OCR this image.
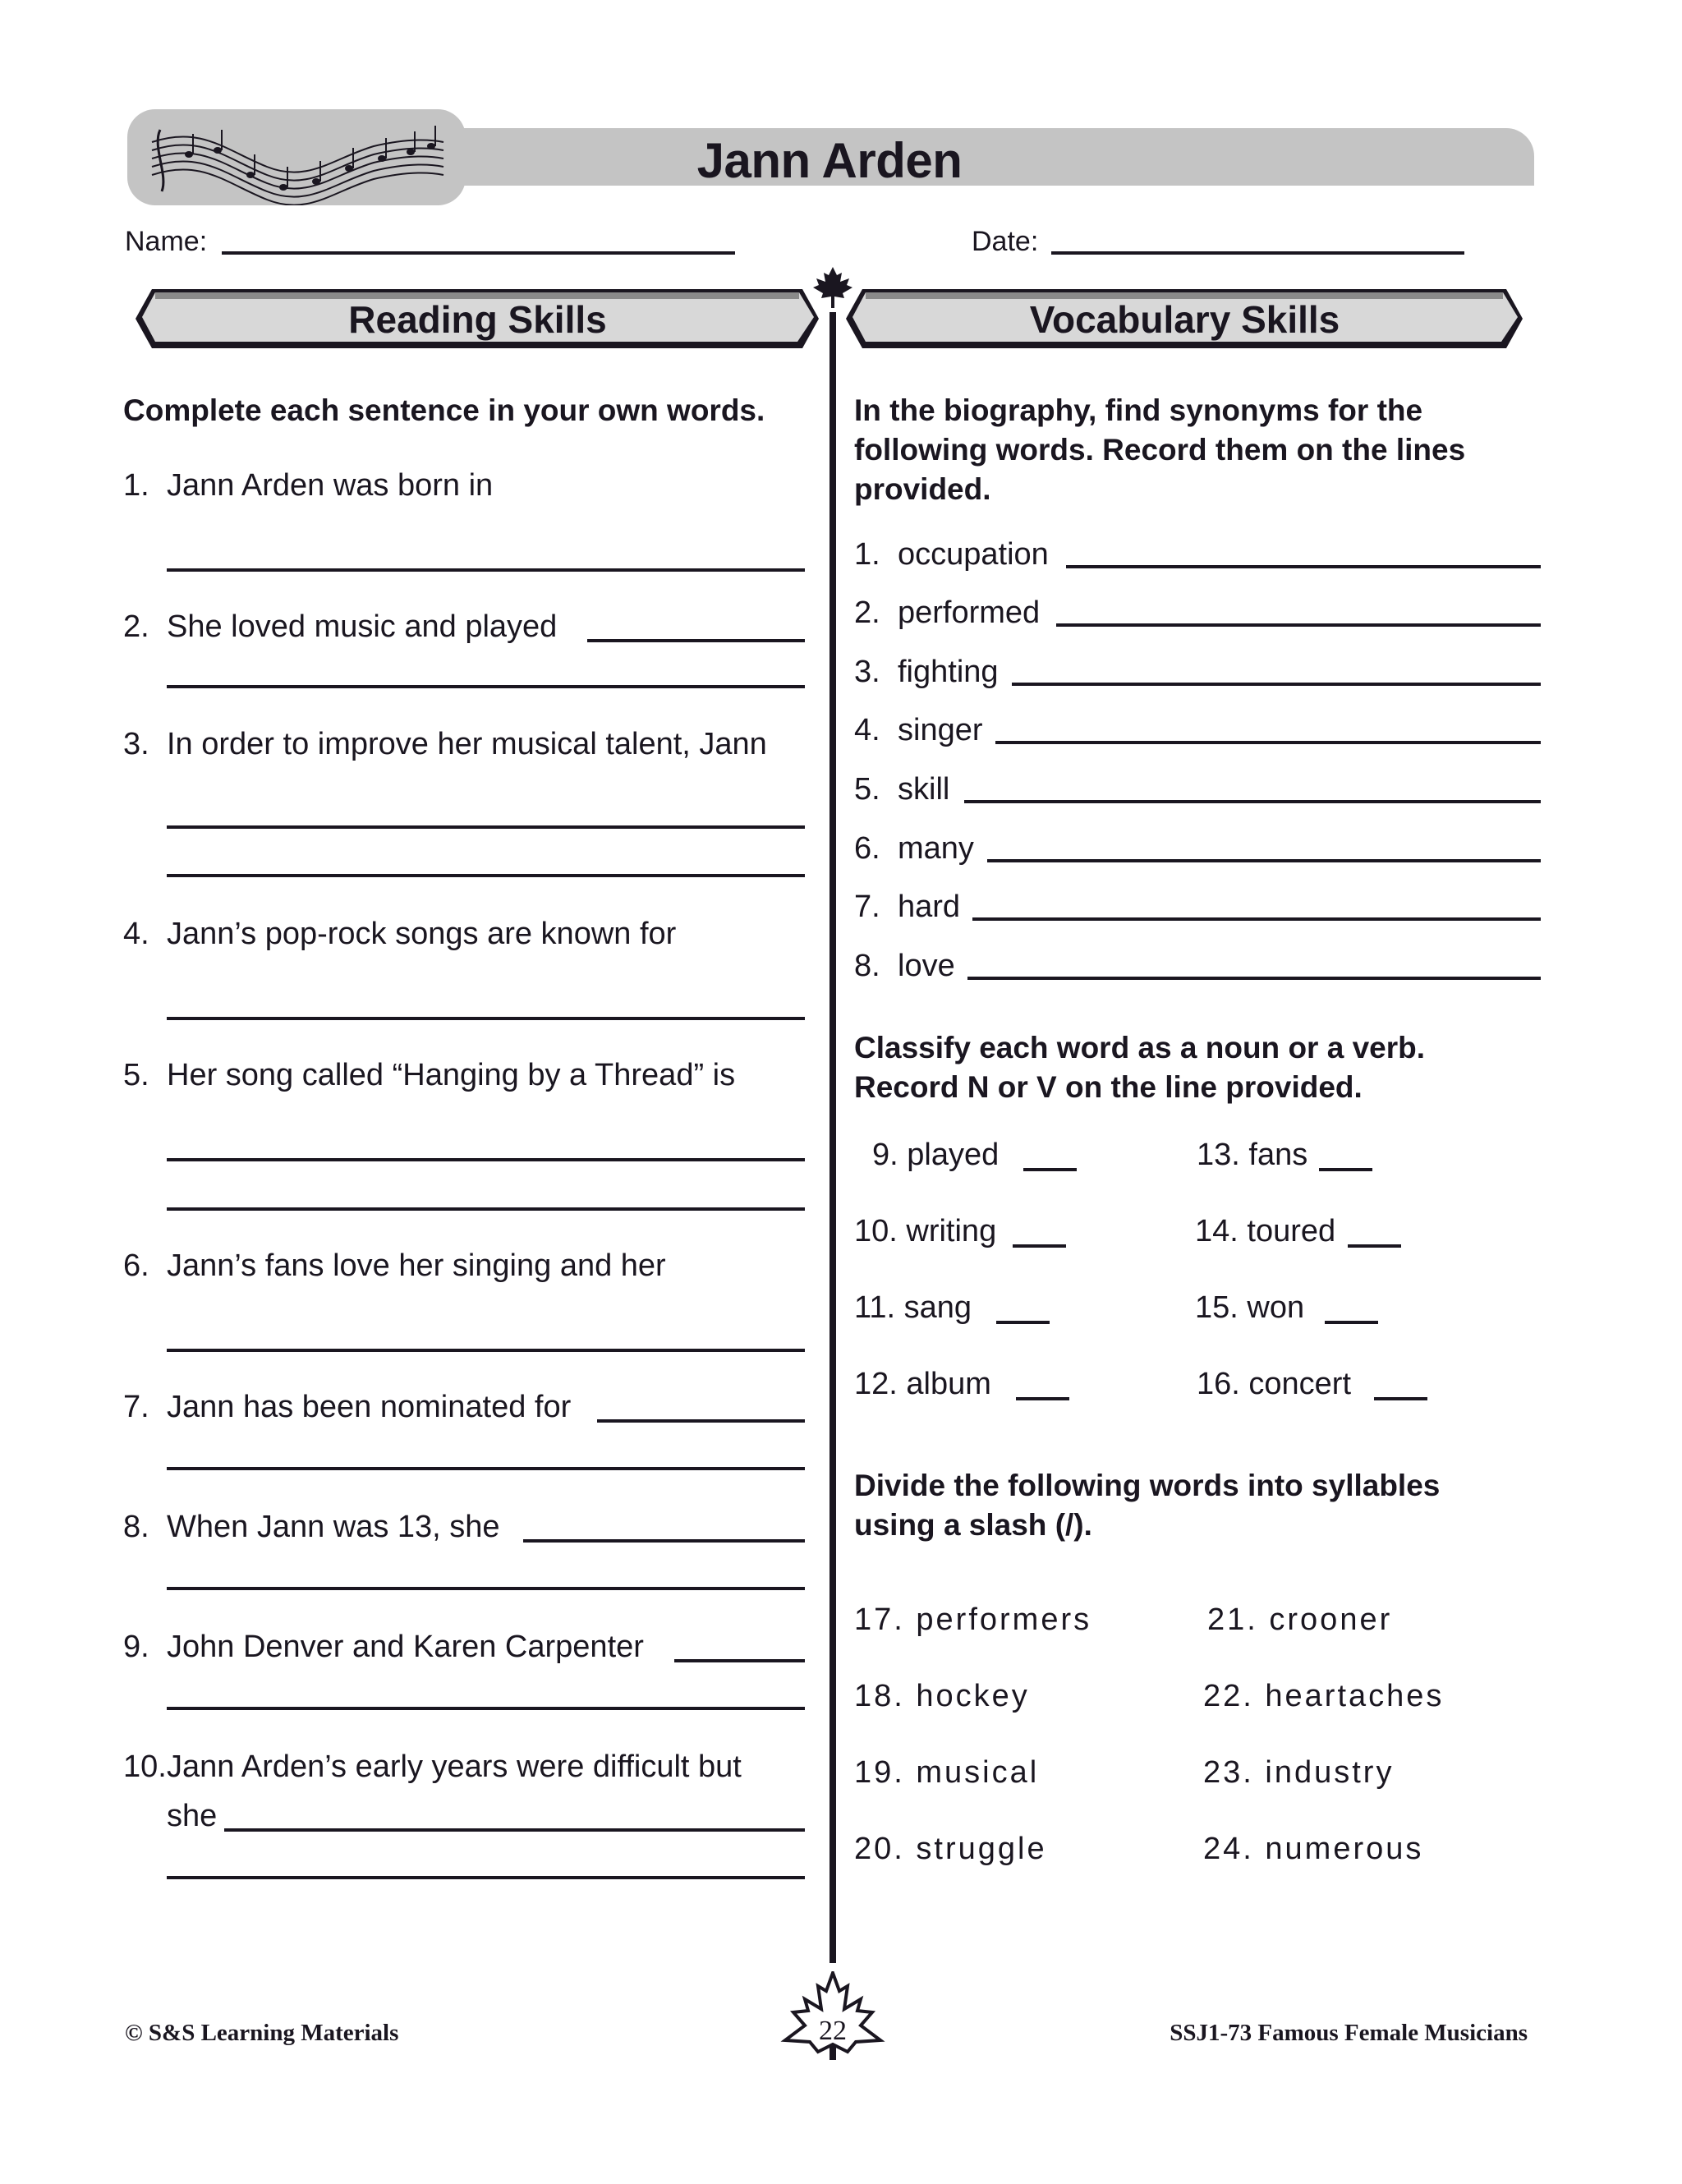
Jann Arden
Name:	Date:
Reading Skills	Vocabulary Skills
Complete each sentence in your own words.
1. Jann Arden was born in
2. She loved music and played
3. In order to improve her musical talent, Jann
4. Jann’s pop-rock songs are known for
5. Her song called “Hanging by a Thread” is
6. Jann’s fans love her singing and her
7. Jann has been nominated for
8. When Jann was 13, she
9. John Denver and Karen Carpenter
10.Jann Arden’s early years were difficult but
she
In the biography, find synonyms for the
following words. Record them on the lines
provided.
1. occupation
2. performed
3. fighting
4. singer
5. skill
6. many
7. hard
8. love
Classify each word as a noun or a verb.
Record N or V on the line provided.
9. played
10. writing
11. sang
12. album
13. fans
14. toured
15. won
16. concert
Divide the following words into syllables
using a slash (/).
17. performers
18. hockey
19. musical
20. struggle
21. crooner
22. heartaches
23. industry
24. numerous
© S&S Learning Materials	22	SSJ1-73 Famous Female Musicians
